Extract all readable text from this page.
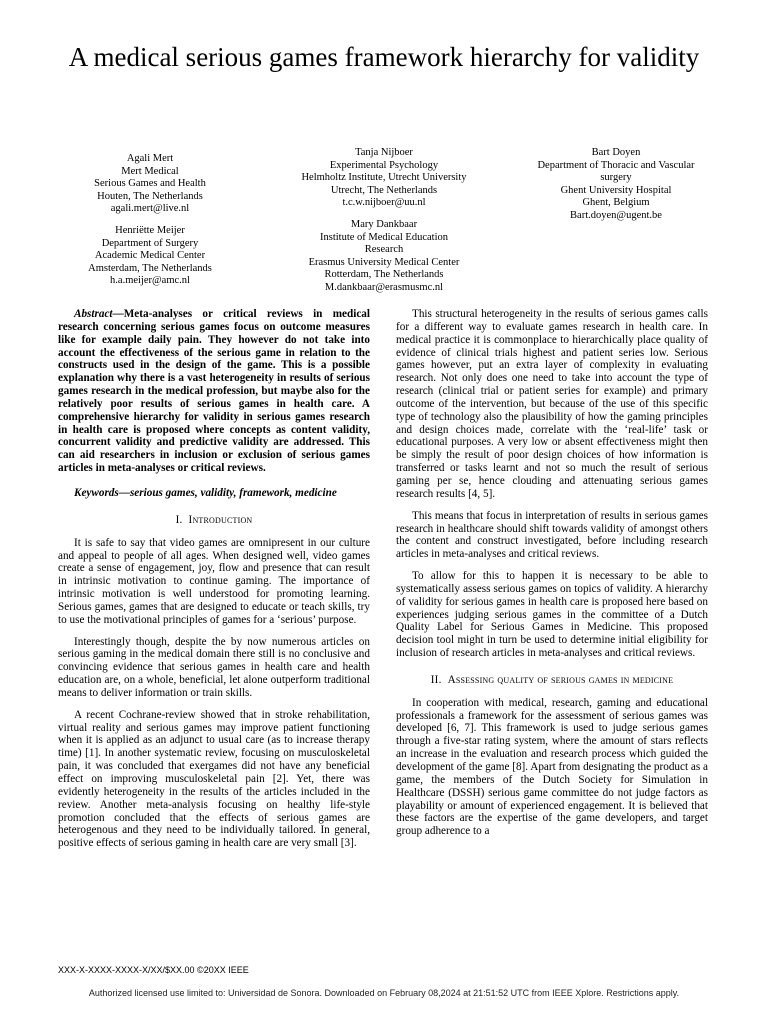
A medical serious games framework hierarchy for validity
Agali Mert
Mert Medical
Serious Games and Health
Houten, The Netherlands
agali.mert@live.nl
Tanja Nijboer
Experimental Psychology
Helmholtz Institute, Utrecht University
Utrecht, The Netherlands
t.c.w.nijboer@uu.nl
Bart Doyen
Department of Thoracic and Vascular
surgery
Ghent University Hospital
Ghent, Belgium
Bart.doyen@ugent.be
Henriëtte Meijer
Department of Surgery
Academic Medical Center
Amsterdam, The Netherlands
h.a.meijer@amc.nl
Mary Dankbaar
Institute of Medical Education
Research
Erasmus University Medical Center
Rotterdam, The Netherlands
M.dankbaar@erasmusmc.nl

Abstract—Meta-analyses or critical reviews in medical research concerning serious games focus on outcome measures like for example daily pain. They however do not take into account the effectiveness of the serious game in relation to the constructs used in the design of the game. This is a possible explanation why there is a vast heterogeneity in results of serious games research in the medical profession, but maybe also for the relatively poor results of serious games in health care. A comprehensive hierarchy for validity in serious games research in health care is proposed where concepts as content validity, concurrent validity and predictive validity are addressed. This can aid researchers in inclusion or exclusion of serious games articles in meta-analyses or critical reviews.

Keywords—serious games, validity, framework, medicine

I. Introduction

It is safe to say that video games are omnipresent in our culture and appeal to people of all ages. When designed well, video games create a sense of engagement, joy, flow and presence that can result in intrinsic motivation to continue gaming. The importance of intrinsic motivation is well understood for promoting learning. Serious games, games that are designed to educate or teach skills, try to use the motivational principles of games for a ‘serious’ purpose.

Interestingly though, despite the by now numerous articles on serious gaming in the medical domain there still is no conclusive and convincing evidence that serious games in health care and health education are, on a whole, beneficial, let alone outperform traditional means to deliver information or train skills.

A recent Cochrane-review showed that in stroke rehabilitation, virtual reality and serious games may improve patient functioning when it is applied as an adjunct to usual care (as to increase therapy time) [1]. In another systematic review, focusing on musculoskeletal pain, it was concluded that exergames did not have any beneficial effect on improving musculoskeletal pain [2]. Yet, there was evidently heterogeneity in the results of the articles included in the review. Another meta-analysis focusing on healthy life-style promotion concluded that the effects of serious games are heterogenous and they need to be individually tailored. In general, positive effects of serious gaming in health care are very small [3].

This structural heterogeneity in the results of serious games calls for a different way to evaluate games research in health care. In medical practice it is commonplace to hierarchically place quality of evidence of clinical trials highest and patient series low. Serious games however, put an extra layer of complexity in evaluating research. Not only does one need to take into account the type of research (clinical trial or patient series for example) and primary outcome of the intervention, but because of the use of this specific type of technology also the plausibility of how the gaming principles and design choices made, correlate with the ‘real-life’ task or educational purposes. A very low or absent effectiveness might then be simply the result of poor design choices of how information is transferred or tasks learnt and not so much the result of serious gaming per se, hence clouding and attenuating serious games research results [4, 5].

This means that focus in interpretation of results in serious games research in healthcare should shift towards validity of amongst others the content and construct investigated, before including research articles in meta-analyses and critical reviews.

To allow for this to happen it is necessary to be able to systematically assess serious games on topics of validity. A hierarchy of validity for serious games in health care is proposed here based on experiences judging serious games in the committee of a Dutch Quality Label for Serious Games in Medicine. This proposed decision tool might in turn be used to determine initial eligibility for inclusion of research articles in meta-analyses and critical reviews.

II. Assessing quality of serious games in medicine

In cooperation with medical, research, gaming and educational professionals a framework for the assessment of serious games was developed [6, 7]. This framework is used to judge serious games through a five-star rating system, where the amount of stars reflects an increase in the evaluation and research process which guided the development of the game [8]. Apart from designating the product as a game, the members of the Dutch Society for Simulation in Healthcare (DSSH) serious game committee do not judge factors as playability or amount of experienced engagement. It is believed that these factors are the expertise of the game developers, and target group adherence to a

XXX-X-XXXX-XXXX-X/XX/$XX.00 ©20XX IEEE
Authorized licensed use limited to: Universidad de Sonora. Downloaded on February 08,2024 at 21:51:52 UTC from IEEE Xplore. Restrictions apply.
